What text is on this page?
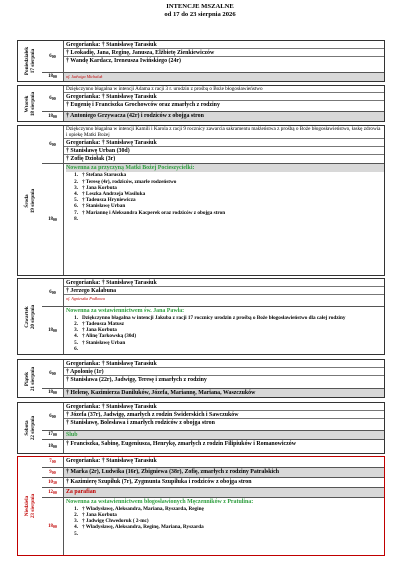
INTENCJE MSZALNE
od 17 do 23 sierpnia 2026
Poniedziałek 17 sierpnia	6 00
Gregorianka: † Stanisławę Tarasiuk
† Leokadię, Jana, Reginę, Janusza, Elżbietę Zienkiewiczów
† Wandę Kardacz, Ireneusza Iwińskiego (24r)
18 00	of. Jadwiga Michaluk
Wtorek 18 sierpnia	6 00
Dziękczynno błagalna w intencji Adama z racji 3 r. urodzin z prośbą o Boże błogosławieństwo
Gregorianka: † Stanisławę Tarasiuk
† Eugenię i Franciszka Grochowców oraz zmarłych z rodziny
18 00	† Antoniego Grzywacza (42r) i rodziców z obojga stron
Środa 19 sierpnia
6 00
Dziękczynno błagalna w intencji Kamili i Karola z racji 9 rocznicy zawarcia sakramentu małżeństwa z prośbą o Boże błogosławieństwo, łaskę zdrowia i opiekę Matki Bożej
Gregorianka: † Stanisławę Tarasiuk
† Stanisławę Urban (30d)
† Zofię Dziołak (3r)
18 00
Nowenna za przyczyną Matki Bożej Pocieszycielki:
1. † Stefana Staruszka
2. † Teresę (4r), rodziców, zmarłe rodzeństwo
3. † Jana Korbuta
4. † Leszka Andrzeja Wasiluka
5. † Tadeusza Hryniewicza
6. † Stanisławę Urban
7. † Mariannę i Aleksandra Kacperek oraz rodziców z obojga stron
8.
Czwartek 20 sierpnia
6 00
Gregorianka: † Stanisławę Tarasiuk
† Jerzego Kalabuna
of. Agnieszka Podkowa
18 00
Nowenna za wstawiennictwem św. Jana Pawła:
1. Dziękczynno błagalna w intencji Jakuba z racji 17 rocznicy urodzin z prośbą o Boże błogosławieństwo dla całej rodziny
2. † Tadeusza Matusz
3. † Jana Korbuta
4. † Alinę Tarkowską (30d)
5. † Stanisławę Urban
6.
Piątek 21 sierpnia	6 00
Gregorianka: † Stanisławę Tarasiuk
† Apolonię (1r)
† Stanisława (22r), Jadwigę, Teresę i zmarłych z rodziny
18 00	† Helenę, Kazimierza Daniluków, Józefa, Mariannę, Mariana, Waszczuków
Sobota 22 sierpnia	6 00
Gregorianka: † Stanisławę Tarasiuk
† Józefa (37r), Jadwigę, zmarłych z rodzin Świderskich i Sawczuków
† Stanisławę, Bolesława i zmarłych rodziców z obojga stron
17 00	Ślub
18 00	† Franciszka, Sabinę, Eugeniusza, Henrykę, zmarłych z rodzin Filipiuków i Romanowiczów
Niedziela 23 sierpnia
7 00	Gregorianka: † Stanisławę Tarasiuk
9 00	† Marka (2r), Ludwika (16r), Zbigniewa (38r), Zofię, zmarłych z rodziny Patralskich
10 30	† Kazimierę Szupiłuk (7r), Zygmunta Szupiłuka i rodziców z obojga stron
12 00	Za parafian
18 00
Nowenna za wstawiennictwem błogosławionych Męczenników z Pratulina:
1. † Władysławę, Aleksandra, Mariana, Ryszarda, Reginę
2. † Jana Korbuta
3. † Jadwigę Chwedoruk ( 2-mc)
4. † Władysławę, Aleksandra, Reginę, Mariana, Ryszarda
5.
